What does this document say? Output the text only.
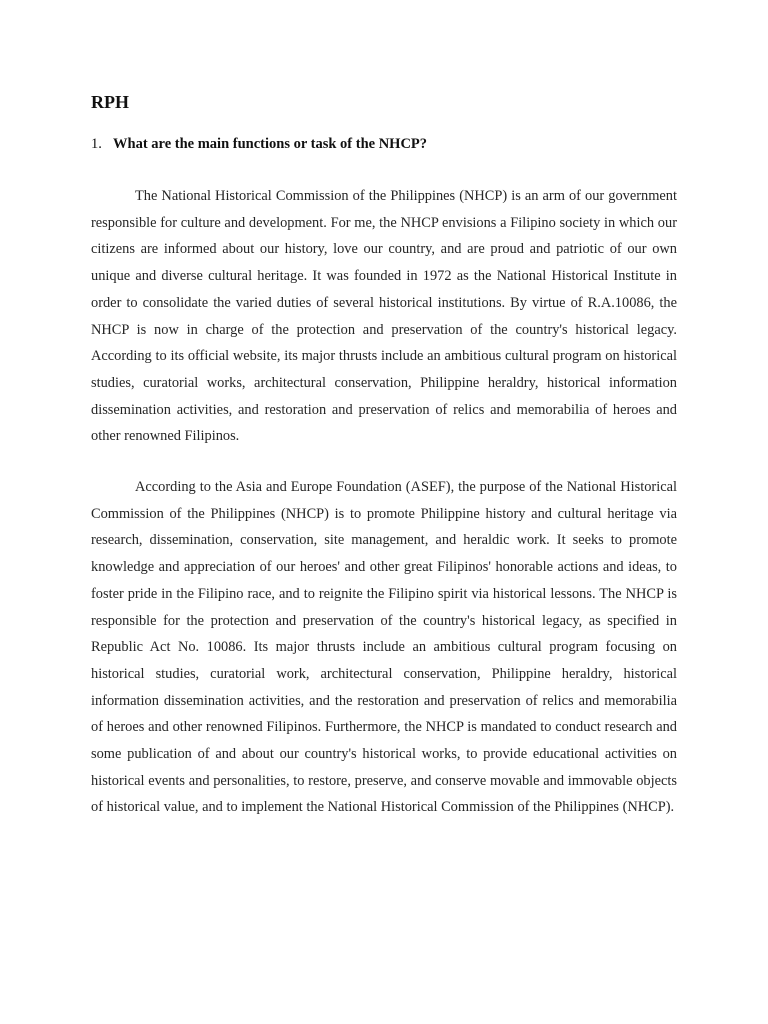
RPH

1. What are the main functions or task of the NHCP?

The National Historical Commission of the Philippines (NHCP) is an arm of our government responsible for culture and development. For me, the NHCP envisions a Filipino society in which our citizens are informed about our history, love our country, and are proud and patriotic of our own unique and diverse cultural heritage. It was founded in 1972 as the National Historical Institute in order to consolidate the varied duties of several historical institutions. By virtue of R.A.10086, the NHCP is now in charge of the protection and preservation of the country's historical legacy. According to its official website, its major thrusts include an ambitious cultural program on historical studies, curatorial works, architectural conservation, Philippine heraldry, historical information dissemination activities, and restoration and preservation of relics and memorabilia of heroes and other renowned Filipinos.

According to the Asia and Europe Foundation (ASEF), the purpose of the National Historical Commission of the Philippines (NHCP) is to promote Philippine history and cultural heritage via research, dissemination, conservation, site management, and heraldic work. It seeks to promote knowledge and appreciation of our heroes' and other great Filipinos' honorable actions and ideas, to foster pride in the Filipino race, and to reignite the Filipino spirit via historical lessons. The NHCP is responsible for the protection and preservation of the country's historical legacy, as specified in Republic Act No. 10086. Its major thrusts include an ambitious cultural program focusing on historical studies, curatorial work, architectural conservation, Philippine heraldry, historical information dissemination activities, and the restoration and preservation of relics and memorabilia of heroes and other renowned Filipinos. Furthermore, the NHCP is mandated to conduct research and some publication of and about our country's historical works, to provide educational activities on historical events and personalities, to restore, preserve, and conserve movable and immovable objects of historical value, and to implement the National Historical Commission of the Philippines (NHCP).
